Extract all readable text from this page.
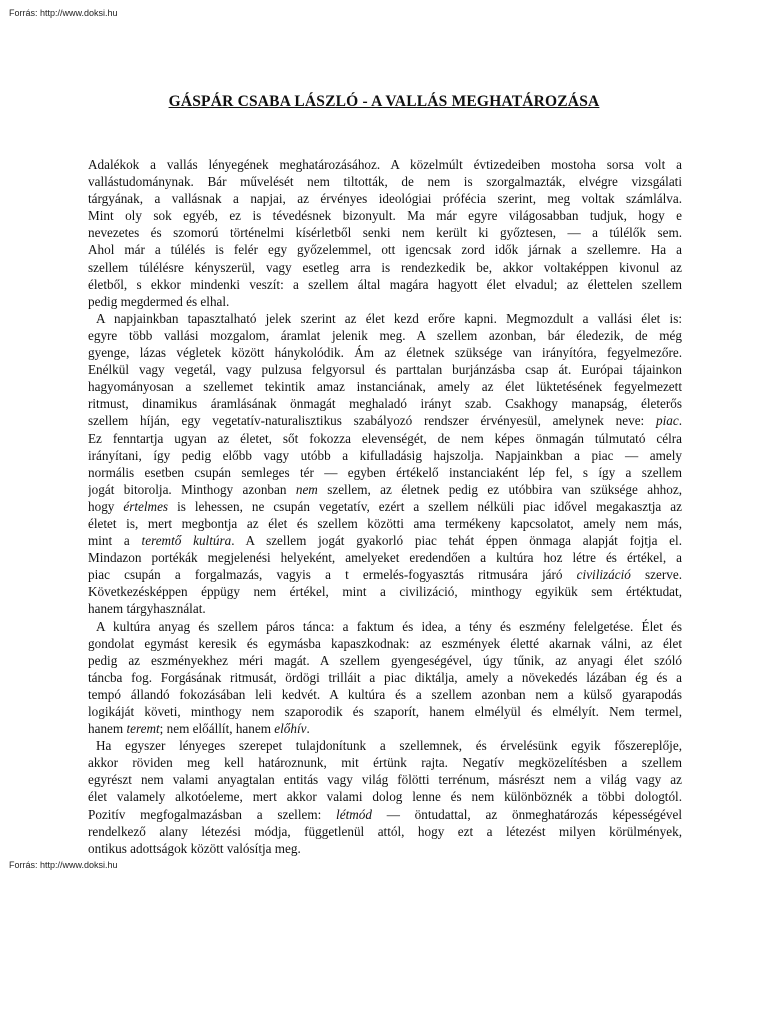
Forrás: http://www.doksi.hu
GÁSPÁR CSABA LÁSZLÓ - A VALLÁS MEGHATÁROZÁSA
Adalékok a vallás lényegének meghatározásához. A közelmúlt évtizedeiben mostoha sorsa volt a
vallástudománynak. Bár művelését nem tiltották, de nem is szorgalmazták, elvégre vizsgálati
tárgyának, a vallásnak a napjai, az érvényes ideológiai prófécia szerint, meg voltak számlálva.
Mint oly sok egyéb, ez is tévedésnek bizonyult. Ma már egyre világosabban tudjuk, hogy e
nevezetes és szomorú történelmi kísérletből senki nem került ki győztesen, — a túlélők sem.
Ahol már a túlélés is felér egy győzelemmel, ott igencsak zord idők járnak a szellemre. Ha a
szellem túlélésre kényszerül, vagy esetleg arra is rendezkedik be, akkor voltaképpen kivonul az
életből, s ekkor mindenki veszít: a szellem által magára hagyott élet elvadul; az élettelen szellem
pedig megdermed és elhal.
A napjainkban tapasztalható jelek szerint az élet kezd erőre kapni. Megmozdult a vallási élet is:
egyre több vallási mozgalom, áramlat jelenik meg. A szellem azonban, bár éledezik, de még
gyenge, lázas végletek között hánykolódik. Ám az életnek szüksége van irányítóra, fegyelmezőre.
Enélkül vagy vegetál, vagy pulzusa felgyorsul és parttalan burjánzásba csap át. Európai tájainkon
hagyományosan a szellemet tekintik amaz instanciának, amely az élet lüktetésének fegyelmezett
ritmust, dinamikus áramlásának önmagát meghaladó irányt szab. Csakhogy manapság, életerős
szellem híján, egy vegetatív-naturalisztikus szabályozó rendszer érvényesül, amelynek neve: piac.
Ez fenntartja ugyan az életet, sőt fokozza elevenségét, de nem képes önmagán túlmutató célra
irányítani, így pedig előbb vagy utóbb a kifulladásig hajszolja. Napjainkban a piac — amely
normális esetben csupán semleges tér — egyben értékelő instanciaként lép fel, s így a szellem
jogát bitorolja. Minthogy azonban nem szellem, az életnek pedig ez utóbbira van szüksége ahhoz,
hogy értelmes is lehessen, ne csupán vegetatív, ezért a szellem nélküli piac idővel megakasztja az
életet is, mert megbontja az élet és szellem közötti ama termékeny kapcsolatot, amely nem más,
mint a teremtő kultúra. A szellem jogát gyakorló piac tehát éppen önmaga alapját fojtja el.
Mindazon portékák megjelenési helyeként, amelyeket eredendően a kultúra hoz létre és értékel, a
piac csupán a forgalmazás, vagyis a t ermelés-fogyasztás ritmusára járó civilizáció szerve.
Következésképpen éppügy nem értékel, mint a civilizáció, minthogy egyikük sem értéktudat,
hanem tárgyhasználat.
A kultúra anyag és szellem páros tánca: a faktum és idea, a tény és eszmény felelgetése. Élet és
gondolat egymást keresik és egymásba kapaszkodnak: az eszmények életté akarnak válni, az élet
pedig az eszményekhez méri magát. A szellem gyengeségével, úgy tűnik, az anyagi élet szóló
táncba fog. Forgásának ritmusát, ördögi trilláit a piac diktálja, amely a növekedés lázában ég és a
tempó állandó fokozásában leli kedvét. A kultúra és a szellem azonban nem a külső gyarapodás
logikáját követi, minthogy nem szaporodik és szaporít, hanem elmélyül és elmélyít. Nem termel,
hanem teremt; nem előállít, hanem előhív.
Ha egyszer lényeges szerepet tulajdonítunk a szellemnek, és érvelésünk egyik főszereplője,
akkor röviden meg kell határoznunk, mit értünk rajta. Negatív megközelítésben a szellem
egyrészt nem valami anyagtalan entitás vagy világ fölötti terrénum, másrészt nem a világ vagy az
élet valamely alkotóeleme, mert akkor valami dolog lenne és nem különböznék a többi dologtól.
Pozitív megfogalmazásban a szellem: létmód — öntudattal, az önmeghatározás képességével
rendelkező alany létezési módja, függetlenül attól, hogy ezt a létezést milyen körülmények,
ontikus adottságok között valósítja meg.
Forrás: http://www.doksi.hu
